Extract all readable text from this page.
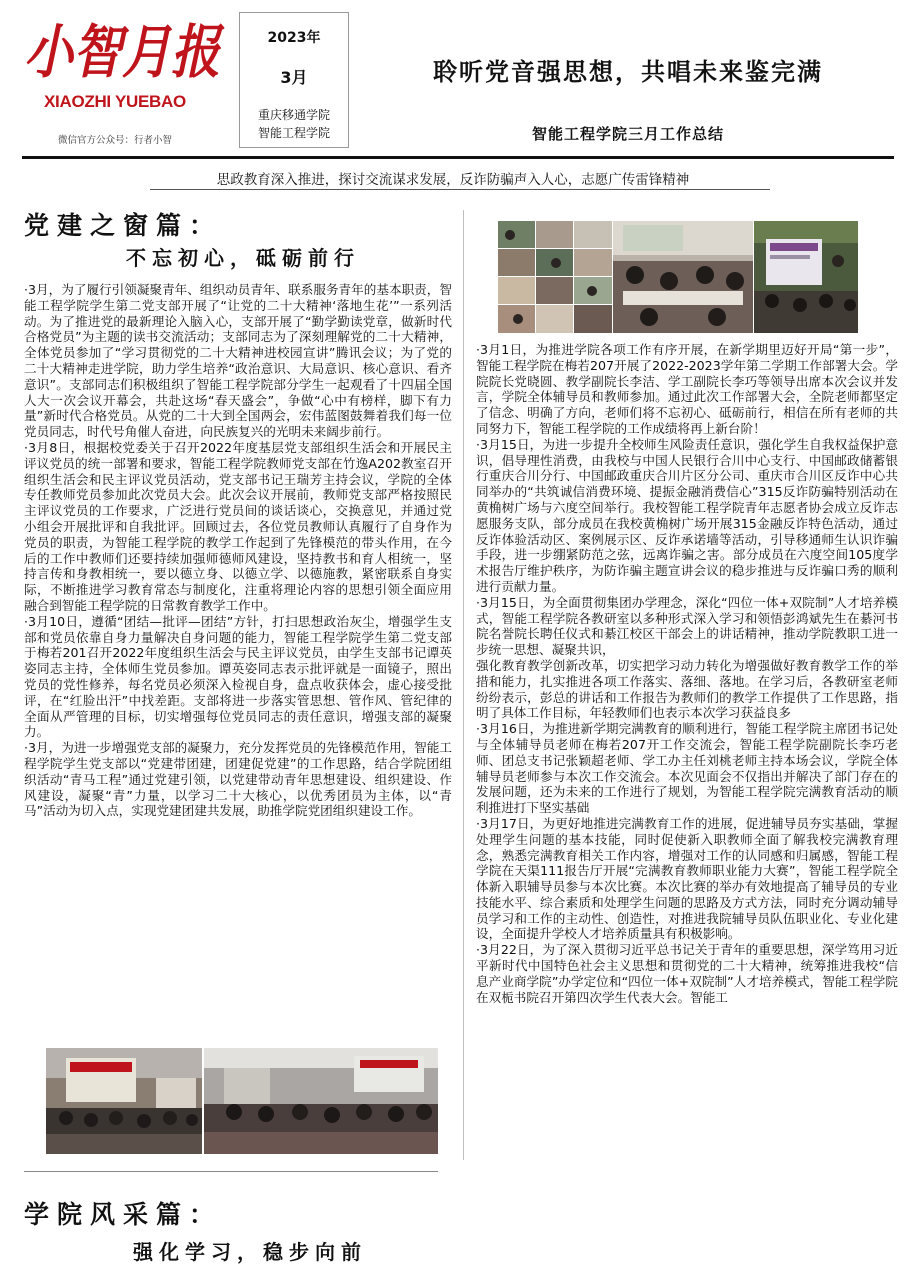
小智月报
XIAOZHI YUEBAO
微信官方公众号：行者小智
2023年
3月
重庆移通学院
智能工程学院
聆听党音强思想，共唱未来鉴完满
智能工程学院三月工作总结
思政教育深入推进，探讨交流谋求发展，反诈防骗声入人心，志愿广传雷锋精神
党建之窗篇：
不忘初心，砥砺前行

·3月，为了履行引领凝聚青年、组织动员青年、联系服务青年的基本职责，智能工程学院学生第二党支部开展了“让党的二十大精神‘落地生花’”一系列活动。为了推进党的最新理论入脑入心，支部开展了“勤学勤读党章，做新时代合格党员”为主题的读书交流活动；支部同志为了深刻理解党的二十大精神，全体党员参加了“学习贯彻党的二十大精神进校园宣讲”腾讯会议；为了党的二十大精神走进学院，助力学生培养“政治意识、大局意识、核心意识、看齐意识”。支部同志们积极组织了智能工程学院部分学生一起观看了十四届全国人大一次会议开幕会，共赴这场“春天盛会”，争做“心中有榜样，脚下有力量”新时代合格党员。从党的二十大到全国两会，宏伟蓝图鼓舞着我们每一位党员同志，时代号角催人奋进，向民族复兴的光明未来阔步前行。

·3月8日，根据校党委关于召开2022年度基层党支部组织生活会和开展民主评议党员的统一部署和要求，智能工程学院教师党支部在竹逸A202教室召开组织生活会和民主评议党员活动，党支部书记王瑞芳主持会议，学院的全体专任教师党员参加此次党员大会。此次会议开展前，教师党支部严格按照民主评议党员的工作要求，广泛进行党员间的谈话谈心，交换意见，并通过党小组会开展批评和自我批评。回顾过去，各位党员教师认真履行了自身作为党员的职责，为智能工程学院的教学工作起到了先锋模范的带头作用，在今后的工作中教师们还要持续加强师德师风建设，坚持教书和育人相统一，坚持言传和身教相统一，要以德立身、以德立学、以德施教，紧密联系自身实际，不断推进学习教育常态与制度化，注重将理论内容的思想引领全面应用融合到智能工程学院的日常教育教学工作中。

·3月10日，遵循“团结—批评—团结”方针，打扫思想政治灰尘，增强学生支部和党员依靠自身力量解决自身问题的能力，智能工程学院学生第二党支部于梅若201召开2022年度组织生活会与民主评议党员，由学生支部书记谭英姿同志主持，全体师生党员参加。谭英姿同志表示批评就是一面镜子，照出党员的党性修养，每名党员必须深入检视自身，盘点收获体会，虚心接受批评，在“红脸出汗”中找差距。支部将进一步落实管思想、管作风、管纪律的全面从严管理的目标，切实增强每位党员同志的责任意识，增强支部的凝聚力。

·3月，为进一步增强党支部的凝聚力，充分发挥党员的先锋模范作用，智能工程学院学生党支部以“党建带团建，团建促党建”的工作思路，结合学院团组织活动“青马工程”通过党建引领，以党建带动青年思想建设、组织建设、作风建设，凝聚“青”力量，以学习二十大核心，以优秀团员为主体，以“青马”活动为切入点，实现党建团建共发展，助推学院党团组织建设工作。

学院风采篇：
强化学习，稳步向前

·3月1日，为推进学院各项工作有序开展，在新学期里迈好开局“第一步”，智能工程学院在梅若207开展了2022-2023学年第二学期工作部署大会。学院院长党晓圆、教学副院长李洁、学工副院长李巧等领导出席本次会议并发言，学院全体辅导员和教师参加。通过此次工作部署大会，全院老师都坚定了信念、明确了方向，老师们将不忘初心、砥砺前行，相信在所有老师的共同努力下，智能工程学院的工作成绩将再上新台阶！

·3月15日，为进一步提升全校师生风险责任意识，强化学生自我权益保护意识，倡导理性消费，由我校与中国人民银行合川中心支行、中国邮政储蓄银行重庆合川分行、中国邮政重庆合川片区分公司、重庆市合川区反诈中心共同举办的“共筑诚信消费环境、提振金融消费信心”315反诈防骗特别活动在黄桷树广场与六度空间举行。我校智能工程学院青年志愿者协会成立反诈志愿服务支队，部分成员在我校黄桷树广场开展315金融反诈特色活动，通过反诈体验活动区、案例展示区、反诈承诺墙等活动，引导移通师生认识诈骗手段，进一步绷紧防范之弦，远离诈骗之害。部分成员在六度空间105度学术报告厅维护秩序，为防诈骗主题宣讲会议的稳步推进与反诈骗口秀的顺利进行贡献力量。

·3月15日，为全面贯彻集团办学理念，深化“四位一体+双院制”人才培养模式，智能工程学院各教研室以多种形式深入学习和领悟彭鸿斌先生在綦河书院名誉院长聘任仪式和綦江校区干部会上的讲话精神，推动学院教职工进一步统一思想、凝聚共识，

强化教育教学创新改革，切实把学习动力转化为增强做好教育教学工作的举措和能力，扎实推进各项工作落实、落细、落地。在学习后，各教研室老师纷纷表示，彭总的讲话和工作报告为教师们的教学工作提供了工作思路，指明了具体工作目标，年轻教师们也表示本次学习获益良多

·3月16日，为推进新学期完满教育的顺利进行，智能工程学院主席团书记处与全体辅导员老师在梅若207开工作交流会，智能工程学院副院长李巧老师、团总支书记张颖超老师、学工办主任刘桃老师主持本场会议，学院全体辅导员老师参与本次工作交流会。本次见面会不仅指出并解决了部门存在的发展问题，还为未来的工作进行了规划，为智能工程学院完满教育活动的顺利推进打下坚实基础

·3月17日，为更好地推进完满教育工作的进展，促进辅导员夯实基础，掌握处理学生问题的基本技能，同时促使新入职教师全面了解我校完满教育理念，熟悉完满教育相关工作内容，增强对工作的认同感和归属感，智能工程学院在天渠111报告厅开展“完满教育教师职业能力大赛”，智能工程学院全体新入职辅导员参与本次比赛。本次比赛的举办有效地提高了辅导员的专业技能水平、综合素质和处理学生问题的思路及方式方法，同时充分调动辅导员学习和工作的主动性、创造性，对推进我院辅导员队伍职业化、专业化建设，全面提升学校人才培养质量具有积极影响。

·3月22日，为了深入贯彻习近平总书记关于青年的重要思想，深学笃用习近平新时代中国特色社会主义思想和贯彻党的二十大精神，统筹推进我校“信息产业商学院”办学定位和“四位一体+双院制”人才培养模式，智能工程学院在双栀书院召开第四次学生代表大会。智能工
